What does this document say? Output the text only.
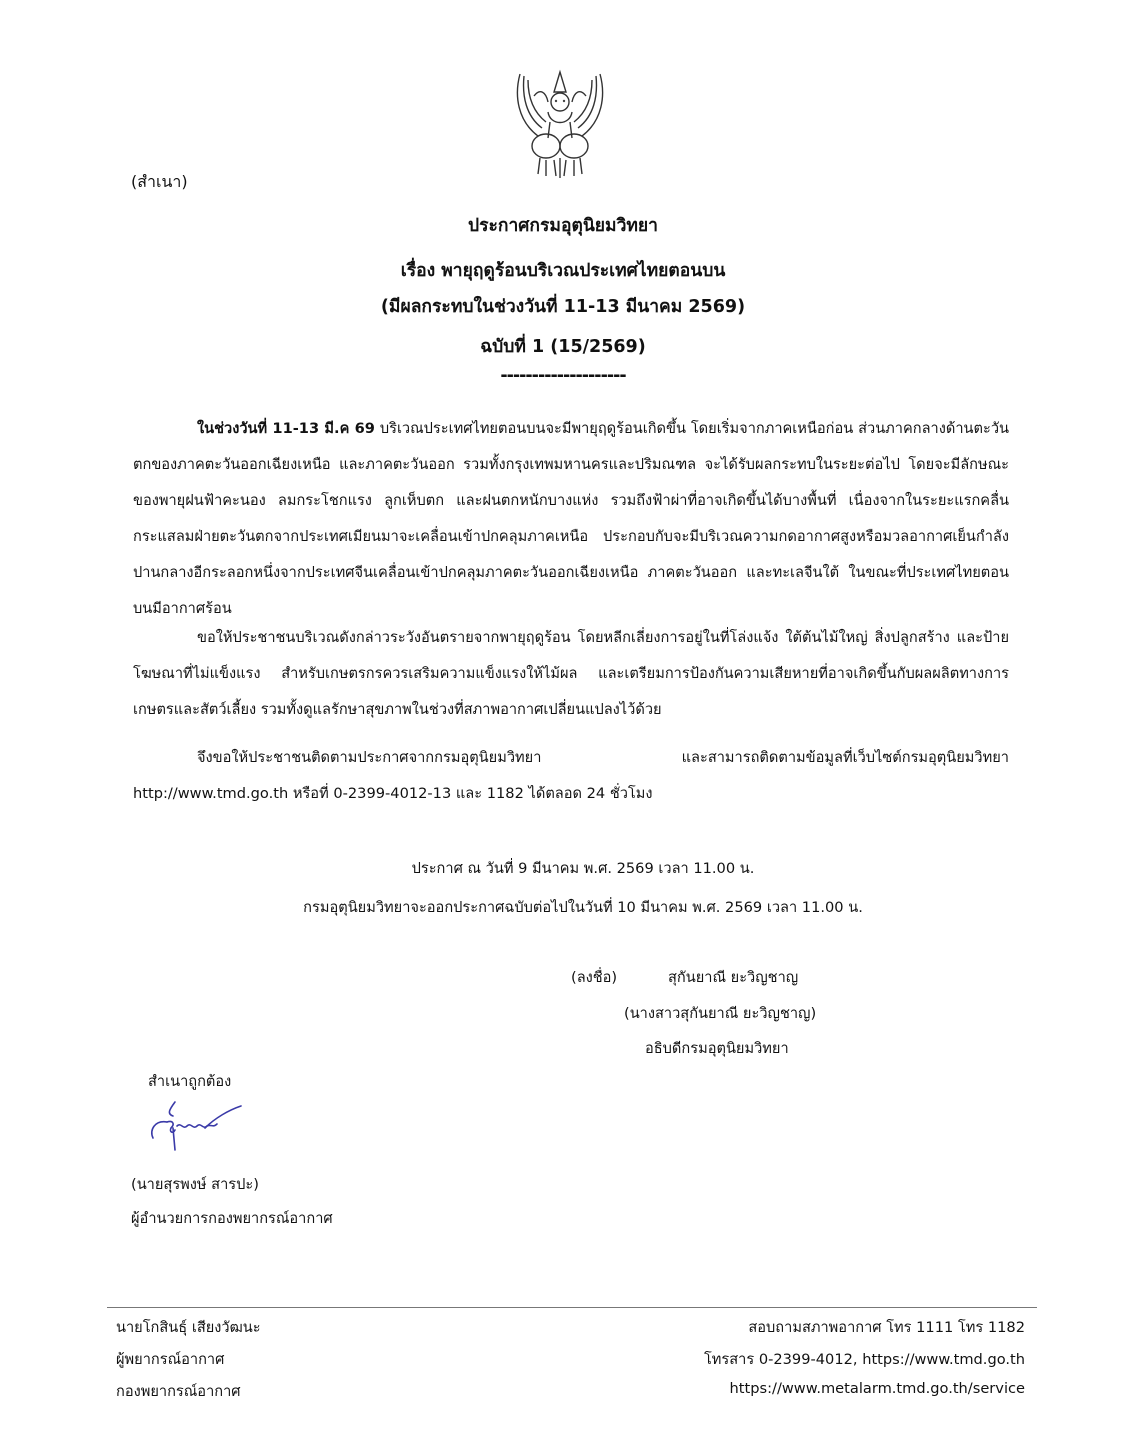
(สำเนา)
ประกาศกรมอุตุนิยมวิทยา
เรื่อง พายุฤดูร้อนบริเวณประเทศไทยตอนบน
(มีผลกระทบในช่วงวันที่ 11-13 มีนาคม 2569)
ฉบับที่ 1 (15/2569)
--------------------
ในช่วงวันที่ 11-13 มี.ค 69 บริเวณประเทศไทยตอนบนจะมีพายุฤดูร้อนเกิดขึ้น โดยเริ่มจากภาคเหนือก่อน ส่วนภาคกลางด้านตะวันตกของภาคตะวันออกเฉียงเหนือ และภาคตะวันออก รวมทั้งกรุงเทพมหานครและปริมณฑล จะได้รับผลกระทบในระยะต่อไป โดยจะมีลักษณะของพายุฝนฟ้าคะนอง ลมกระโชกแรง ลูกเห็บตก และฝนตกหนักบางแห่ง รวมถึงฟ้าผ่าที่อาจเกิดขึ้นได้บางพื้นที่ เนื่องจากในระยะแรกคลื่นกระแสลมฝ่ายตะวันตกจากประเทศเมียนมาจะเคลื่อนเข้าปกคลุมภาคเหนือ ประกอบกับจะมีบริเวณความกดอากาศสูงหรือมวลอากาศเย็นกำลังปานกลางอีกระลอกหนึ่งจากประเทศจีนเคลื่อนเข้าปกคลุมภาคตะวันออกเฉียงเหนือ ภาคตะวันออก และทะเลจีนใต้ ในขณะที่ประเทศไทยตอนบนมีอากาศร้อน
ขอให้ประชาชนบริเวณดังกล่าวระวังอันตรายจากพายุฤดูร้อน โดยหลีกเลี่ยงการอยู่ในที่โล่งแจ้ง ใต้ต้นไม้ใหญ่ สิ่งปลูกสร้าง และป้ายโฆษณาที่ไม่แข็งแรง สำหรับเกษตรกรควรเสริมความแข็งแรงให้ไม้ผล และเตรียมการป้องกันความเสียหายที่อาจเกิดขึ้นกับผลผลิตทางการเกษตรและสัตว์เลี้ยง รวมทั้งดูแลรักษาสุขภาพในช่วงที่สภาพอากาศเปลี่ยนแปลงไว้ด้วย
จึงขอให้ประชาชนติดตามประกาศจากกรมอุตุนิยมวิทยา และสามารถติดตามข้อมูลที่เว็บไซต์กรมอุตุนิยมวิทยา http://www.tmd.go.th หรือที่ 0-2399-4012-13 และ 1182 ได้ตลอด 24 ชั่วโมง
ประกาศ ณ วันที่ 9 มีนาคม พ.ศ. 2569 เวลา 11.00 น.
กรมอุตุนิยมวิทยาจะออกประกาศฉบับต่อไปในวันที่ 10 มีนาคม พ.ศ. 2569 เวลา 11.00 น.
(ลงชื่อ)	สุกันยาณี ยะวิญชาญ
(นางสาวสุกันยาณี ยะวิญชาญ)
อธิบดีกรมอุตุนิยมวิทยา
สำเนาถูกต้อง
(นายสุรพงษ์ สารปะ)
ผู้อำนวยการกองพยากรณ์อากาศ
นายโกสินธุ์ เสียงวัฒนะ
ผู้พยากรณ์อากาศ
กองพยากรณ์อากาศ
สอบถามสภาพอากาศ โทร 1111 โทร 1182
โทรสาร 0-2399-4012, https://www.tmd.go.th
https://www.metalarm.tmd.go.th/service
